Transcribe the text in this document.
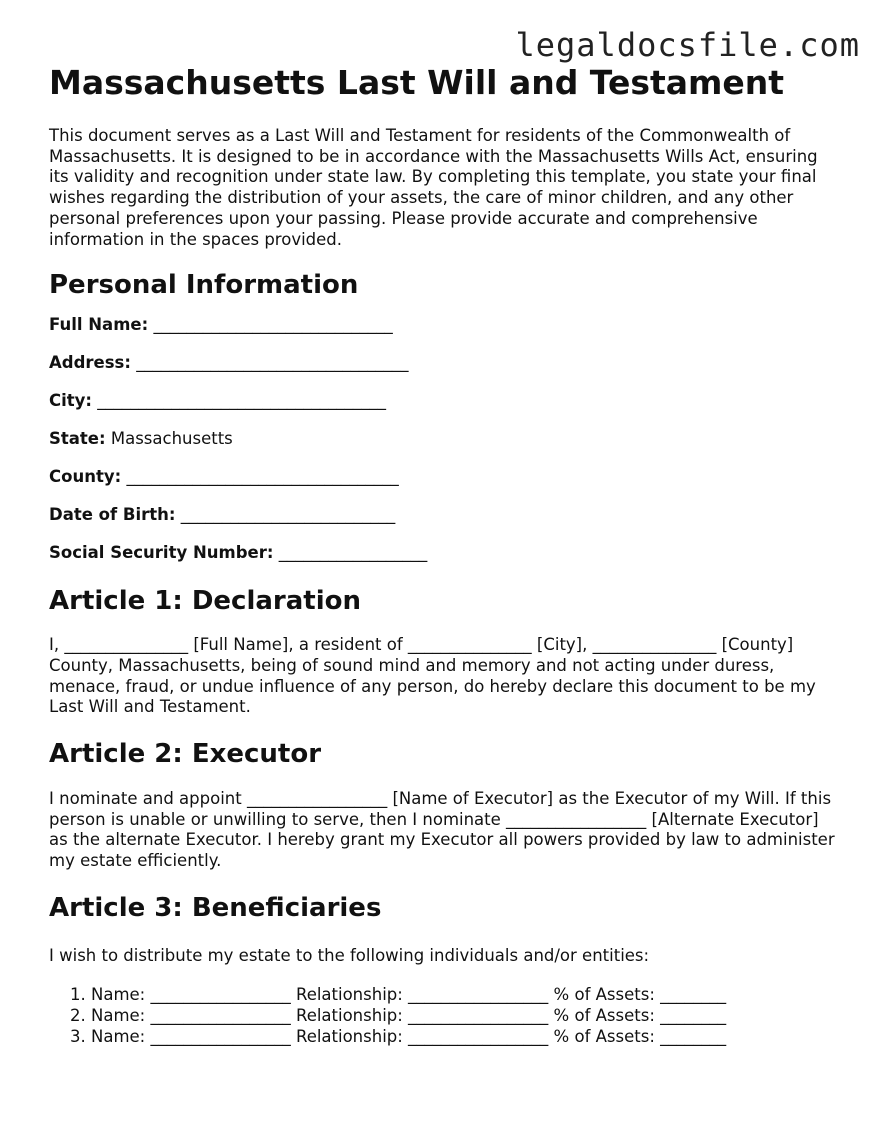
legaldocsfile.com
Massachusetts Last Will and Testament

This document serves as a Last Will and Testament for residents of the Commonwealth of Massachusetts. It is designed to be in accordance with the Massachusetts Wills Act, ensuring its validity and recognition under state law. By completing this template, you state your final wishes regarding the distribution of your assets, the care of minor children, and any other personal preferences upon your passing. Please provide accurate and comprehensive information in the spaces provided.

Personal Information
Full Name: _____________________________
Address: _________________________________
City: ___________________________________
State: Massachusetts
County: _________________________________
Date of Birth: __________________________
Social Security Number: __________________
Article 1: Declaration

I, _______________ [Full Name], a resident of _______________ [City], _______________ [County] County, Massachusetts, being of sound mind and memory and not acting under duress, menace, fraud, or undue influence of any person, do hereby declare this document to be my Last Will and Testament.

Article 2: Executor

I nominate and appoint _________________ [Name of Executor] as the Executor of my Will. If this person is unable or unwilling to serve, then I nominate _________________ [Alternate Executor] as the alternate Executor. I hereby grant my Executor all powers provided by law to administer my estate efficiently.

Article 3: Beneficiaries

I wish to distribute my estate to the following individuals and/or entities:

1. Name: _________________ Relationship: _________________ % of Assets: ________
2. Name: _________________ Relationship: _________________ % of Assets: ________
3. Name: _________________ Relationship: _________________ % of Assets: ________
